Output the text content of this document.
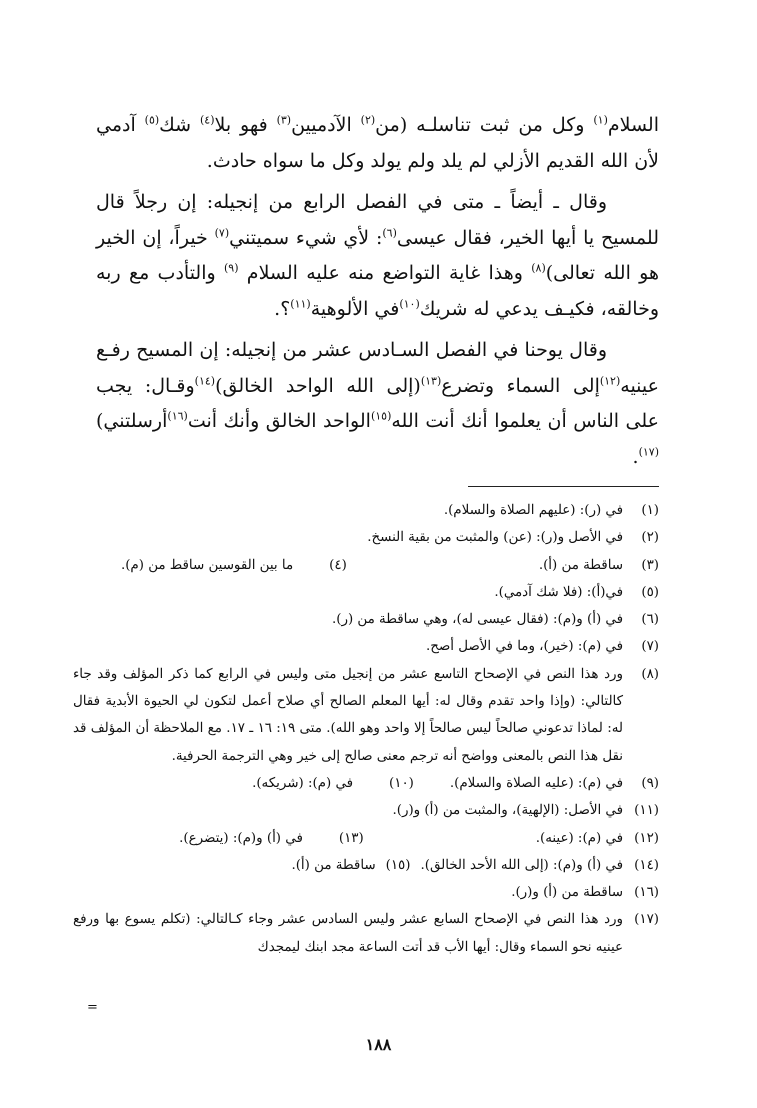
السلام$^{(١)}$ وكل من ثبت تناسلـه (من$^{(٢)}$ الآدميين$^{(٣)}$ فهو بلا$^{(٤)}$ شك$^{(٥)}$ آدمي لأن الله القديم الأزلي لم يلد ولم يولد وكل ما سواه حادث.

وقال ـ أيضاً ـ متى في الفصل الرابع من إنجيله: إن رجلاً قال للمسيح يا أيها الخير، فقال عيسى$^{(٦)}$: لأي شيء سميتني$^{(٧)}$ خيراً، إن الخير هو الله تعالى)$^{(٨)}$ وهذا غاية التواضع منه عليه السلام $^{(٩)}$ والتأدب مع ربه وخالقه، فكيـف يدعي له شريك$^{(١٠)}$في الألوهية$^{(١١)}$؟.

وقال يوحنا في الفصل السـادس عشر من إنجيله: إن المسيح رفـع عينيه$^{(١٢)}$إلى السماء وتضرع$^{(١٣)}$(إلى الله الواحد الخالق)$^{(١٤)}$وقـال: يجب على الناس أن يعلموا أنك أنت الله$^{(١٥)}$الواحد الخالق وأنك أنت$^{(١٦)}$أرسلتني)$^{(١٧)}$.

(١)
في (ر): (عليهم الصلاة والسلام).
(٢)
في الأصل و(ر): (عن) والمثبت من بقية النسخ.
(٣)
ساقطة من (أ).
(٤)
ما بين القوسين ساقط من (م).
(٥)
في(أ): (فلا شك آدمي).
(٦)
في (أ) و(م): (فقال عيسى له)، وهي ساقطة من (ر).
(٧)
في (م): (خير)، وما في الأصل أصح.
(٨)
ورد هذا النص في الإصحاح التاسع عشر من إنجيل متى وليس في الرابع كما ذكر المؤلف وقد جاء كالتالي: (وإذا واحد تقدم وقال له: أيها المعلم الصالح أي صلاح أعمل لتكون لي الحيوة الأبدية فقال له: لماذا تدعوني صالحاً ليس صالحاً إلا واحد وهو الله). متى ١٩: ١٦ ـ ١٧. مع الملاحظة أن المؤلف قد نقل هذا النص بالمعنى وواضح أنه ترجم معنى صالح إلى خير وهي الترجمة الحرفية.
(٩)
في (م): (عليه الصلاة والسلام).
(١٠)
في (م): (شريكه).
(١١)
في الأصل: (الإلهية)، والمثبت من (أ) و(ر).
(١٢)
في (م): (عينه).
(١٣)
في (أ) و(م): (يتضرع).
(١٤)
في (أ) و(م): (إلى الله الأحد الخالق).
(١٥)
ساقطة من (أ).
(١٦)
ساقطة من (أ) و(ر).
(١٧)
ورد هذا النص في الإصحاح السابع عشر وليس السادس عشر وجاء كـالتالي: (تكلم يسوع بها ورفع عينيه نحو السماء وقال: أيها الأب قد أتت الساعة مجد ابنك ليمجدك
=
١٨٨
